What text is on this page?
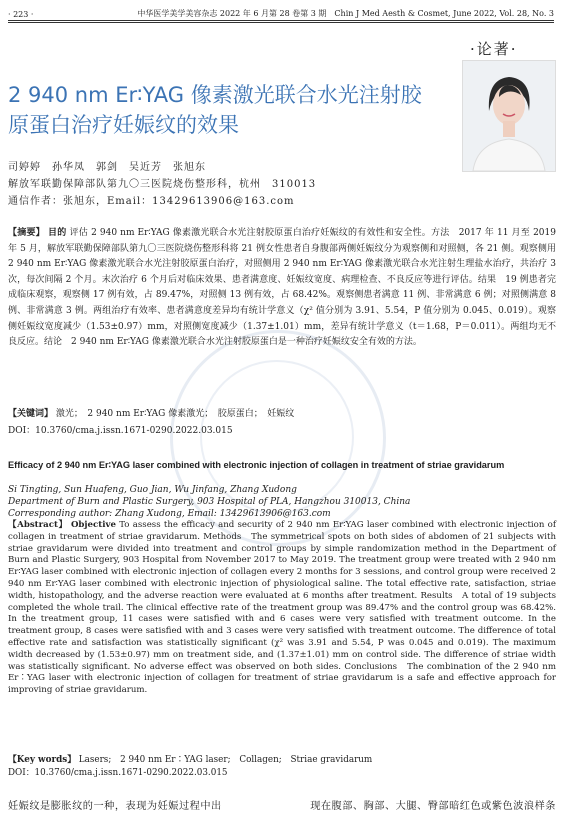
· 223 ·	中华医学美学美容杂志 2022 年 6 月第 28 卷第 3 期　Chin J Med Aesth & Cosmet, June 2022, Vol. 28, No. 3
·论著·
2 940 nm Er∶YAG 像素激光联合水光注射胶原蛋白治疗妊娠纹的效果
司婷婷　孙华凤　郭剑　吴近芳　张旭东
解放军联勤保障部队第九〇三医院烧伤整形科，杭州　310013
通信作者：张旭东，Email：13429613906@163.com
【摘要】 目的 评估 2 940 nm Er∶YAG 像素激光联合水光注射胶原蛋白治疗妊娠纹的有效性和安全性。方法　2017 年 11 月至 2019 年 5 月，解放军联勤保障部队第九〇三医院烧伤整形科将 21 例女性患者自身腹部两侧妊娠纹分为观察侧和对照侧，各 21 侧。观察侧用 2 940 nm Er∶YAG 像素激光联合水光注射胶原蛋白治疗，对照侧用 2 940 nm Er∶YAG 像素激光联合水光注射生理盐水治疗，共治疗 3 次，每次间隔 2 个月。末次治疗 6 个月后对临床效果、患者满意度、妊娠纹宽度、病理检查、不良反应等进行评估。结果　19 例患者完成临床观察，观察侧 17 例有效，占 89.47%，对照侧 13 例有效，占 68.42%。观察侧患者满意 11 例、非常满意 6 例；对照侧满意 8 例、非常满意 3 例。两组治疗有效率、患者满意度差异均有统计学意义（χ² 值分别为 3.91、5.54，P 值分别为 0.045、0.019）。观察侧妊娠纹宽度减少（1.53±0.97）mm，对照侧宽度减少（1.37±1.01）mm，差异有统计学意义（t＝1.68，P＝0.011）。两组均无不良反应。结论　2 940 nm Er∶YAG 像素激光联合水光注射胶原蛋白是一种治疗妊娠纹安全有效的方法。
【关键词】 激光；　2 940 nm Er∶YAG 像素激光；　胶原蛋白；　妊娠纹
DOI：10.3760/cma.j.issn.1671-0290.2022.03.015
Efficacy of 2 940 nm Er∶YAG laser combined with electronic injection of collagen in treatment of striae gravidarum
Si Tingting, Sun Huafeng, Guo Jian, Wu Jinfang, Zhang Xudong
Department of Burn and Plastic Surgery, 903 Hospital of PLA, Hangzhou 310013, China
Corresponding author: Zhang Xudong, Email: 13429613906@163.com
【Abstract】 Objective To assess the efficacy and security of 2 940 nm Er∶YAG laser combined with electronic injection of collagen in treatment of striae gravidarum. Methods　The symmetrical spots on both sides of abdomen of 21 subjects with striae gravidarum were divided into treatment and control groups by simple randomization method in the Department of Burn and Plastic Surgery, 903 Hospital from November 2017 to May 2019. The treatment group were treated with 2 940 nm Er∶YAG laser combined with electronic injection of collagen every 2 months for 3 sessions, and control group were received 2 940 nm Er∶YAG laser combined with electronic injection of physiological saline. The total effective rate, satisfaction, striae width, histopathology, and the adverse reaction were evaluated at 6 months after treatment. Results　A total of 19 subjects completed the whole trail. The clinical effective rate of the treatment group was 89.47% and the control group was 68.42%. In the treatment group, 11 cases were satisfied with and 6 cases were very satisfied with treatment outcome. In the treatment group, 8 cases were satisfied with and 3 cases were very satisfied with treatment outcome. The difference of total effective rate and satisfaction was statistically significant (χ² was 3.91 and 5.54, P was 0.045 and 0.019). The maximum width decreased by (1.53±0.97) mm on treatment side, and (1.37±1.01) mm on control side. The difference of striae width was statistically significant. No adverse effect was observed on both sides. Conclusions　The combination of the 2 940 nm Er∶YAG laser with electronic injection of collagen for treatment of striae gravidarum is a safe and effective approach for improving of striae gravidarum.
【Key words】 Lasers;　2 940 nm Er∶YAG laser;　Collagen;　Striae gravidarum
DOI：10.3760/cma.j.issn.1671-0290.2022.03.015
妊娠纹是膨胀纹的一种，表现为妊娠过程中出	现在腹部、胸部、大腿、臀部暗红色或紫色波浪样条
